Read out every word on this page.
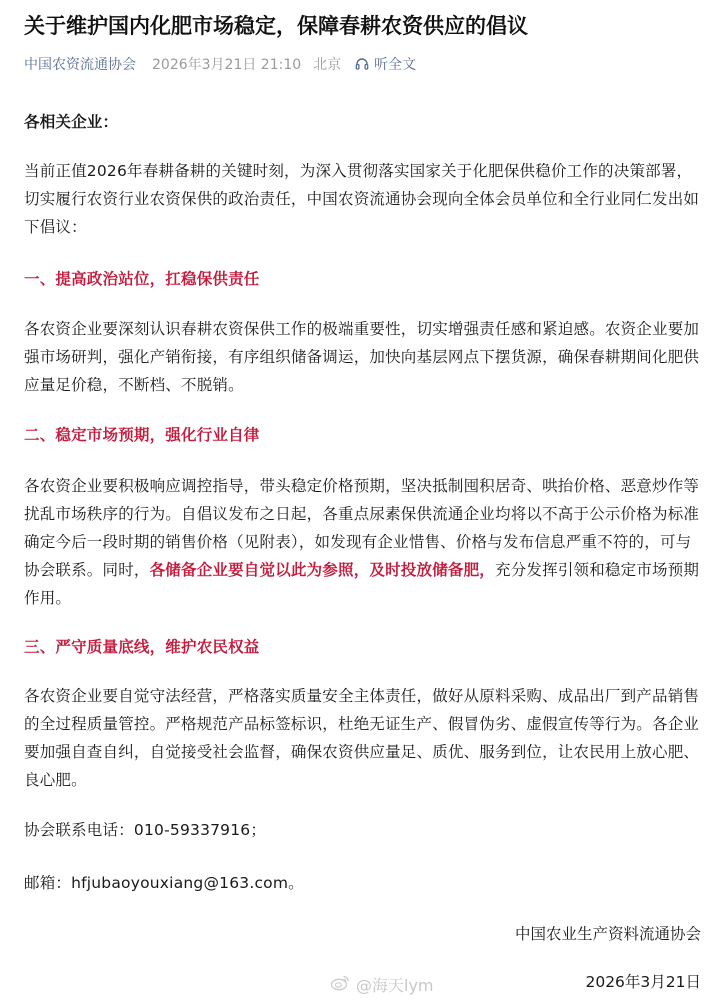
关于维护国内化肥市场稳定，保障春耕农资供应的倡议
中国农资流通协会 2026年3月21日 21:10 北京 听全文
各相关企业：
当前正值2026年春耕备耕的关键时刻，为深入贯彻落实国家关于化肥保供稳价工作的决策部署，切实履行农资行业农资保供的政治责任，中国农资流通协会现向全体会员单位和全行业同仁发出如下倡议：
一、提高政治站位，扛稳保供责任
各农资企业要深刻认识春耕农资保供工作的极端重要性，切实增强责任感和紧迫感。农资企业要加强市场研判，强化产销衔接，有序组织储备调运，加快向基层网点下摆货源，确保春耕期间化肥供应量足价稳，不断档、不脱销。
二、稳定市场预期，强化行业自律
各农资企业要积极响应调控指导，带头稳定价格预期，坚决抵制囤积居奇、哄抬价格、恶意炒作等扰乱市场秩序的行为。自倡议发布之日起，各重点尿素保供流通企业均将以不高于公示价格为标准确定今后一段时期的销售价格（见附表），如发现有企业惜售、价格与发布信息严重不符的，可与协会联系。同时，各储备企业要自觉以此为参照，及时投放储备肥，充分发挥引领和稳定市场预期作用。
三、严守质量底线，维护农民权益
各农资企业要自觉守法经营，严格落实质量安全主体责任，做好从原料采购、成品出厂到产品销售的全过程质量管控。严格规范产品标签标识，杜绝无证生产、假冒伪劣、虚假宣传等行为。各企业要加强自查自纠，自觉接受社会监督，确保农资供应量足、质优、服务到位，让农民用上放心肥、良心肥。
协会联系电话：010-59337916；
邮箱：hfjubaoyouxiang@163.com。
中国农业生产资料流通协会
@海天lym	2026年3月21日
